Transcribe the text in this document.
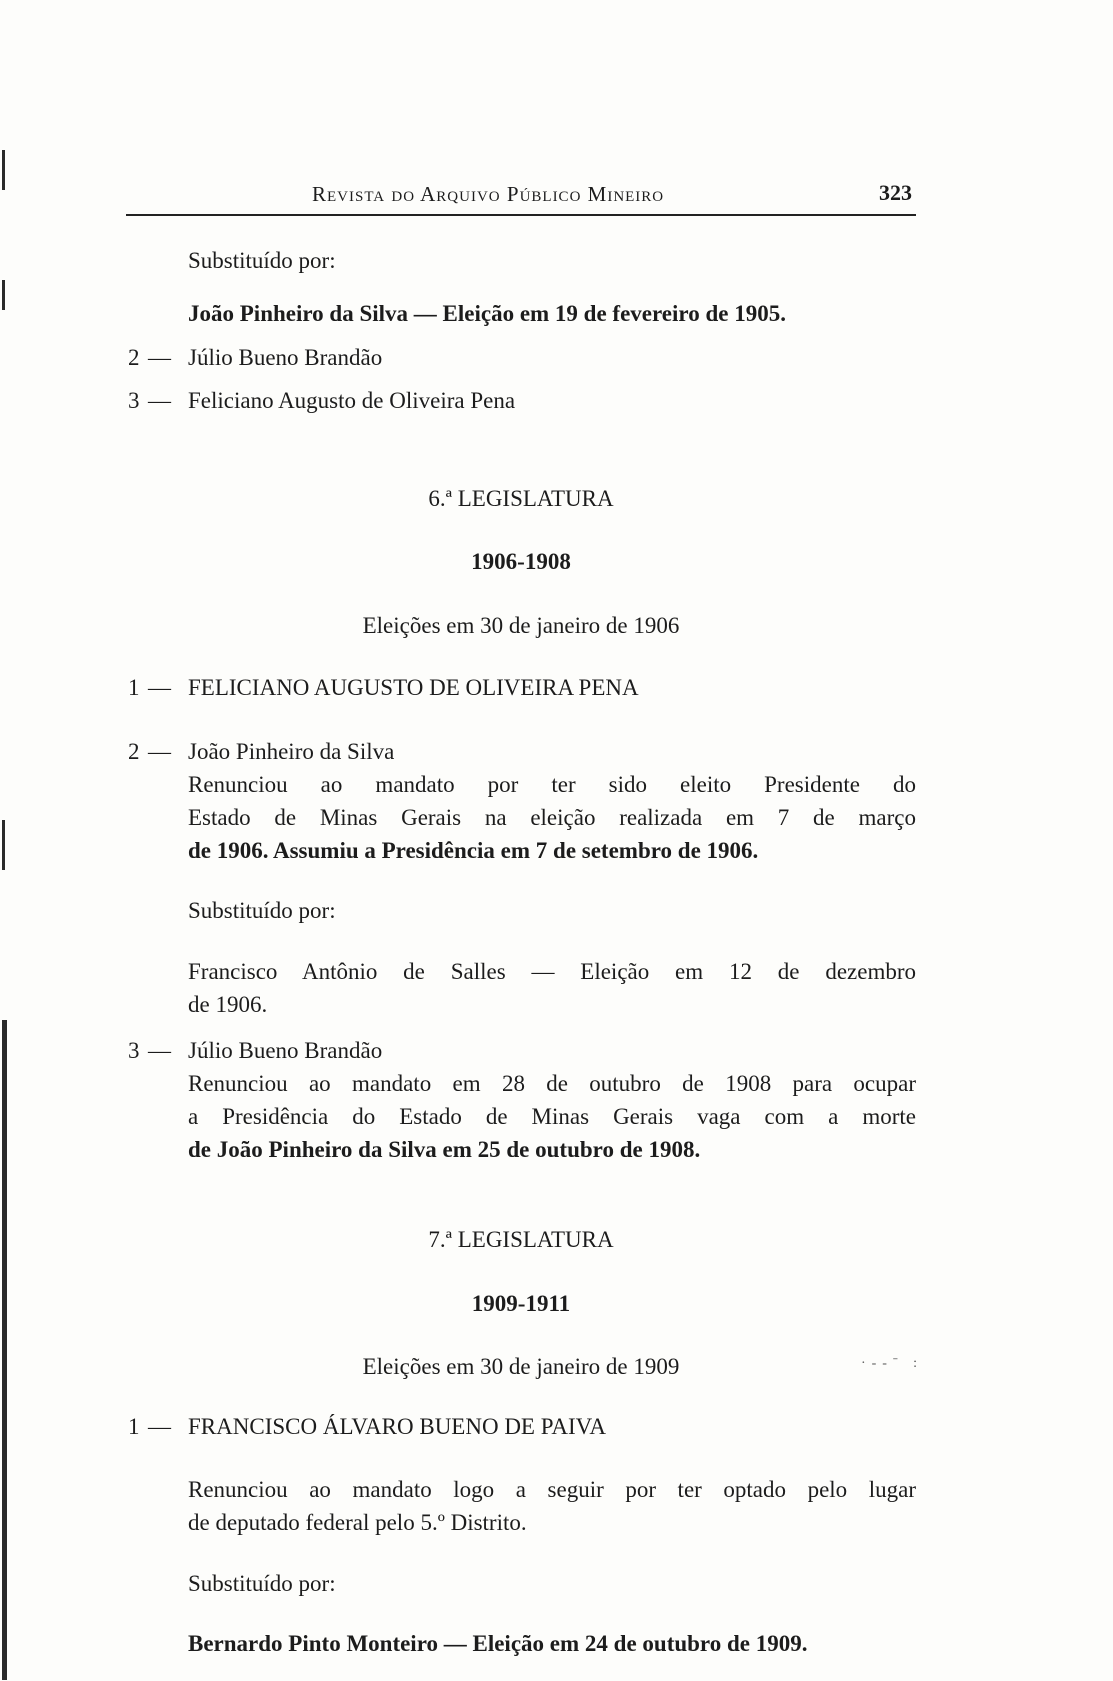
Revista do Arquivo Público Mineiro	323
Substituído por:
João Pinheiro da Silva — Eleição em 19 de fevereiro de 1905.
2 — Júlio Bueno Brandão
3 — Feliciano Augusto de Oliveira Pena
6.ª LEGISLATURA
1906-1908
Eleições em 30 de janeiro de 1906
1 — FELICIANO AUGUSTO DE OLIVEIRA PENA
2 — João Pinheiro da Silva
Renunciou ao mandato por ter sido eleito Presidente do
Estado de Minas Gerais na eleição realizada em 7 de março
de 1906. Assumiu a Presidência em 7 de setembro de 1906.
Substituído por:
Francisco Antônio de Salles — Eleição em 12 de dezembro
de 1906.
3 — Júlio Bueno Brandão
Renunciou ao mandato em 28 de outubro de 1908 para ocupar
a Presidência do Estado de Minas Gerais vaga com a morte
de João Pinheiro da Silva em 25 de outubro de 1908.
7.ª LEGISLATURA
1909-1911
Eleições em 30 de janeiro de 1909	·‐‐ˉ :
1 — FRANCISCO ÁLVARO BUENO DE PAIVA
Renunciou ao mandato logo a seguir por ter optado pelo lugar
de deputado federal pelo 5.º Distrito.
Substituído por:
Bernardo Pinto Monteiro — Eleição em 24 de outubro de 1909.
